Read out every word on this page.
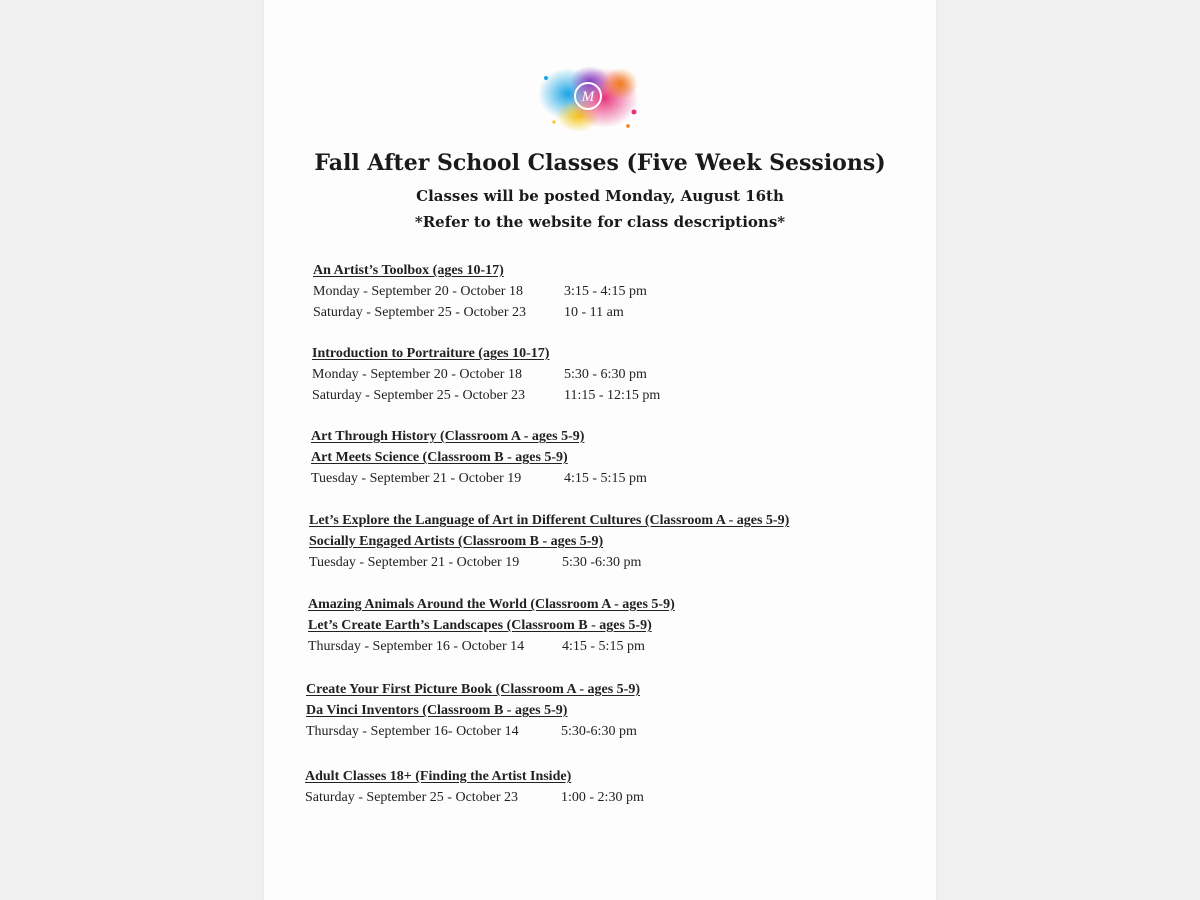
M
Fall After School Classes (Five Week Sessions)
Classes will be posted Monday, August 16th
*Refer to the website for class descriptions*
An Artist’s Toolbox (ages 10-17)
Monday - September 20 - October 18	3:15 - 4:15 pm
Saturday - September 25 - October 23	10 - 11 am
Introduction to Portraiture (ages 10-17)
Monday - September 20 - October 18	5:30 - 6:30 pm
Saturday - September 25 - October 23	11:15 - 12:15 pm
Art Through History (Classroom A - ages 5-9)
Art Meets Science (Classroom B - ages 5-9)
Tuesday - September 21 - October 19	4:15 - 5:15 pm
Let’s Explore the Language of Art in Different Cultures (Classroom A - ages 5-9)
Socially Engaged Artists (Classroom B - ages 5-9)
Tuesday - September 21 - October 19	5:30 -6:30 pm
Amazing Animals Around the World (Classroom A - ages 5-9)
Let’s Create Earth’s Landscapes (Classroom B - ages 5-9)
Thursday - September 16 - October 14	4:15 - 5:15 pm
Create Your First Picture Book (Classroom A - ages 5-9)
Da Vinci Inventors (Classroom B - ages 5-9)
Thursday - September 16- October 14	5:30-6:30 pm
Adult Classes 18+ (Finding the Artist Inside)
Saturday - September 25 - October 23	1:00 - 2:30 pm
